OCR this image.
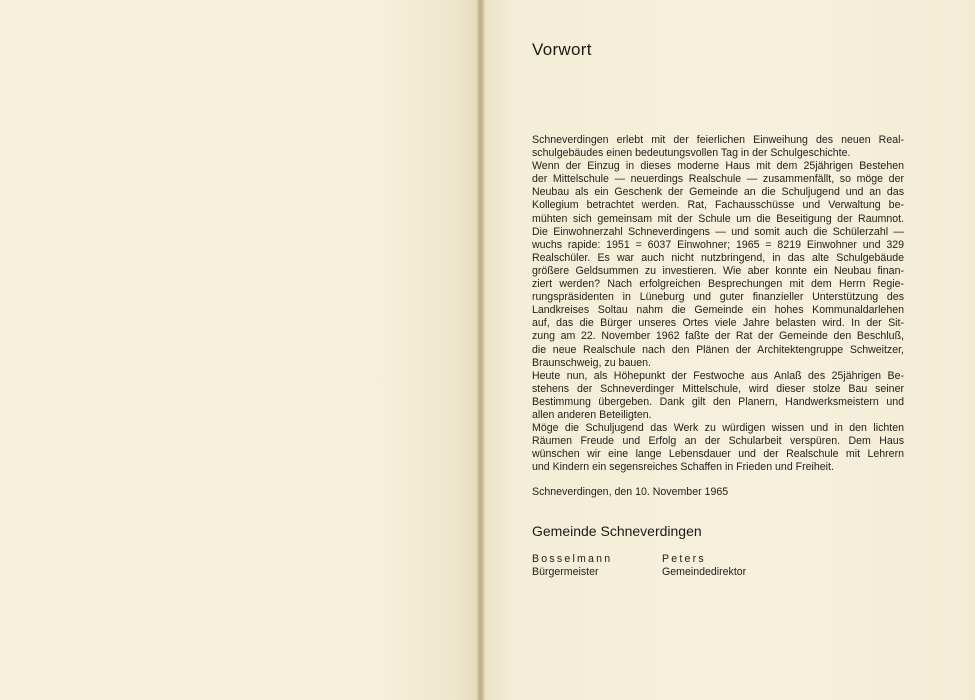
Vorwort
Schneverdingen erlebt mit der feierlichen Einweihung des neuen Real-
schulgebäudes einen bedeutungsvollen Tag in der Schulgeschichte.
Wenn der Einzug in dieses moderne Haus mit dem 25jährigen Bestehen
der Mittelschule — neuerdings Realschule — zusammenfällt, so möge der
Neubau als ein Geschenk der Gemeinde an die Schuljugend und an das
Kollegium betrachtet werden. Rat, Fachausschüsse und Verwaltung be-
mühten sich gemeinsam mit der Schule um die Beseitigung der Raumnot.
Die Einwohnerzahl Schneverdingens — und somit auch die Schülerzahl —
wuchs rapide: 1951 = 6037 Einwohner; 1965 = 8219 Einwohner und 329
Realschüler. Es war auch nicht nutzbringend, in das alte Schulgebäude
größere Geldsummen zu investieren. Wie aber konnte ein Neubau finan-
ziert werden? Nach erfolgreichen Besprechungen mit dem Herrn Regie-
rungspräsidenten in Lüneburg und guter finanzieller Unterstützung des
Landkreises Soltau nahm die Gemeinde ein hohes Kommunaldarlehen
auf, das die Bürger unseres Ortes viele Jahre belasten wird. In der Sit-
zung am 22. November 1962 faßte der Rat der Gemeinde den Beschluß,
die neue Realschule nach den Plänen der Architektengruppe Schweitzer,
Braunschweig, zu bauen.
Heute nun, als Höhepunkt der Festwoche aus Anlaß des 25jährigen Be-
stehens der Schneverdinger Mittelschule, wird dieser stolze Bau seiner
Bestimmung übergeben. Dank gilt den Planern, Handwerksmeistern und
allen anderen Beteiligten.
Möge die Schuljugend das Werk zu würdigen wissen und in den lichten
Räumen Freude und Erfolg an der Schularbeit verspüren. Dem Haus
wünschen wir eine lange Lebensdauer und der Realschule mit Lehrern
und Kindern ein segensreiches Schaffen in Frieden und Freiheit.

Schneverdingen, den 10. November 1965

Gemeinde Schneverdingen

Bosselmann
Bürgermeister
Peters
Gemeindedirektor
